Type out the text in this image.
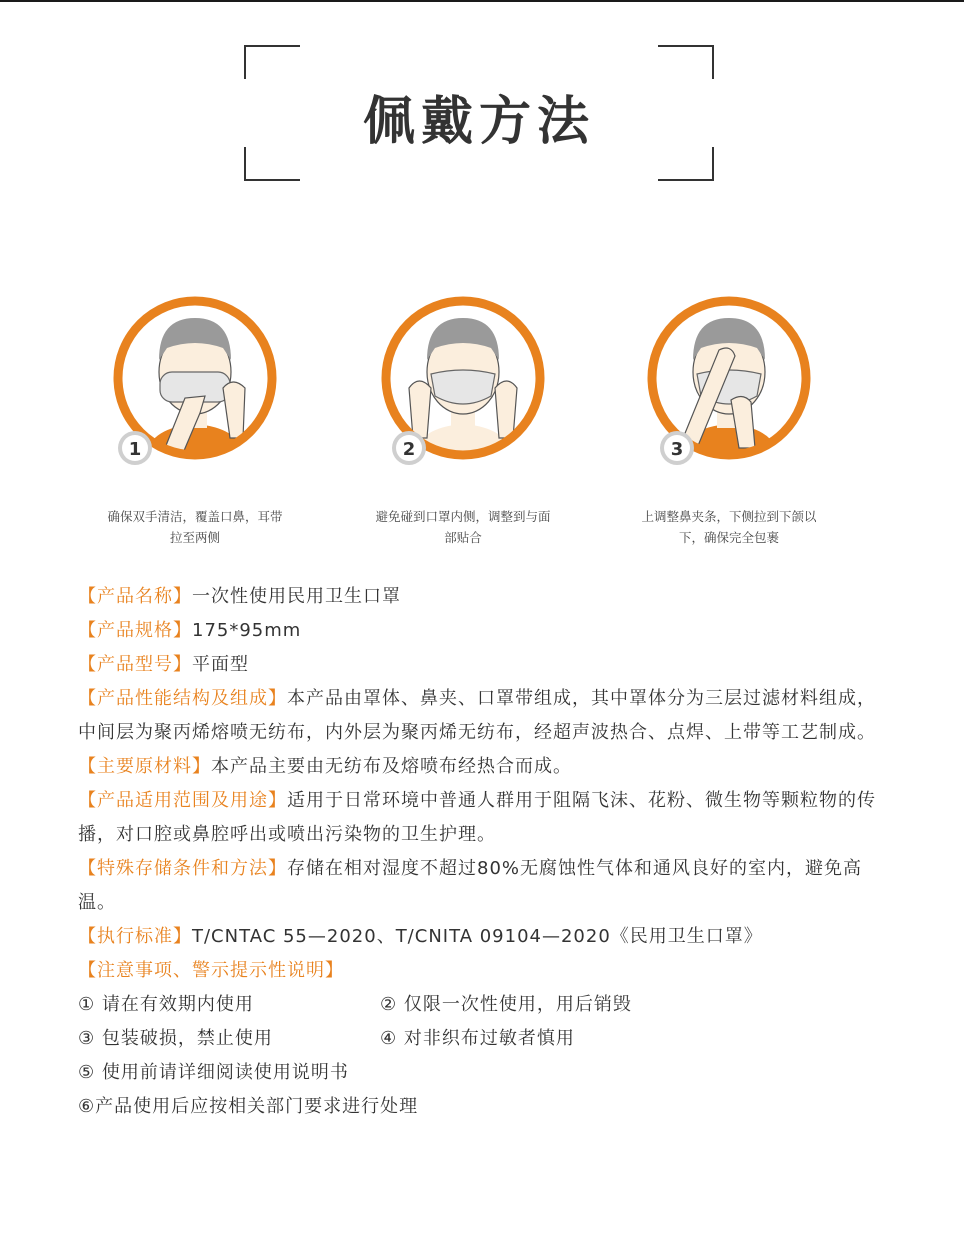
佩戴方法
1
确保双手清洁，覆盖口鼻，耳带拉至两侧
2
避免碰到口罩内侧，调整到与面部贴合
3
上调整鼻夹条，下侧拉到下颌以下，确保完全包裹

【产品名称】一次性使用民用卫生口罩

【产品规格】175*95mm

【产品型号】平面型

【产品性能结构及组成】本产品由罩体、鼻夹、口罩带组成，其中罩体分为三层过滤材料组成，中间层为聚丙烯熔喷无纺布，内外层为聚丙烯无纺布，经超声波热合、点焊、上带等工艺制成。

【主要原材料】本产品主要由无纺布及熔喷布经热合而成。

【产品适用范围及用途】适用于日常环境中普通人群用于阻隔飞沫、花粉、微生物等颗粒物的传播，对口腔或鼻腔呼出或喷出污染物的卫生护理。

【特殊存储条件和方法】存储在相对湿度不超过80%无腐蚀性气体和通风良好的室内，避免高温。

【执行标准】T/CNTAC 55—2020、T/CNITA 09104—2020《民用卫生口罩》

【注意事项、警示提示性说明】

① 请在有效期内使用	② 仅限一次性使用，用后销毁
③ 包装破损，禁止使用	④ 对非织布过敏者慎用
⑤ 使用前请详细阅读使用说明书
⑥产品使用后应按相关部门要求进行处理
